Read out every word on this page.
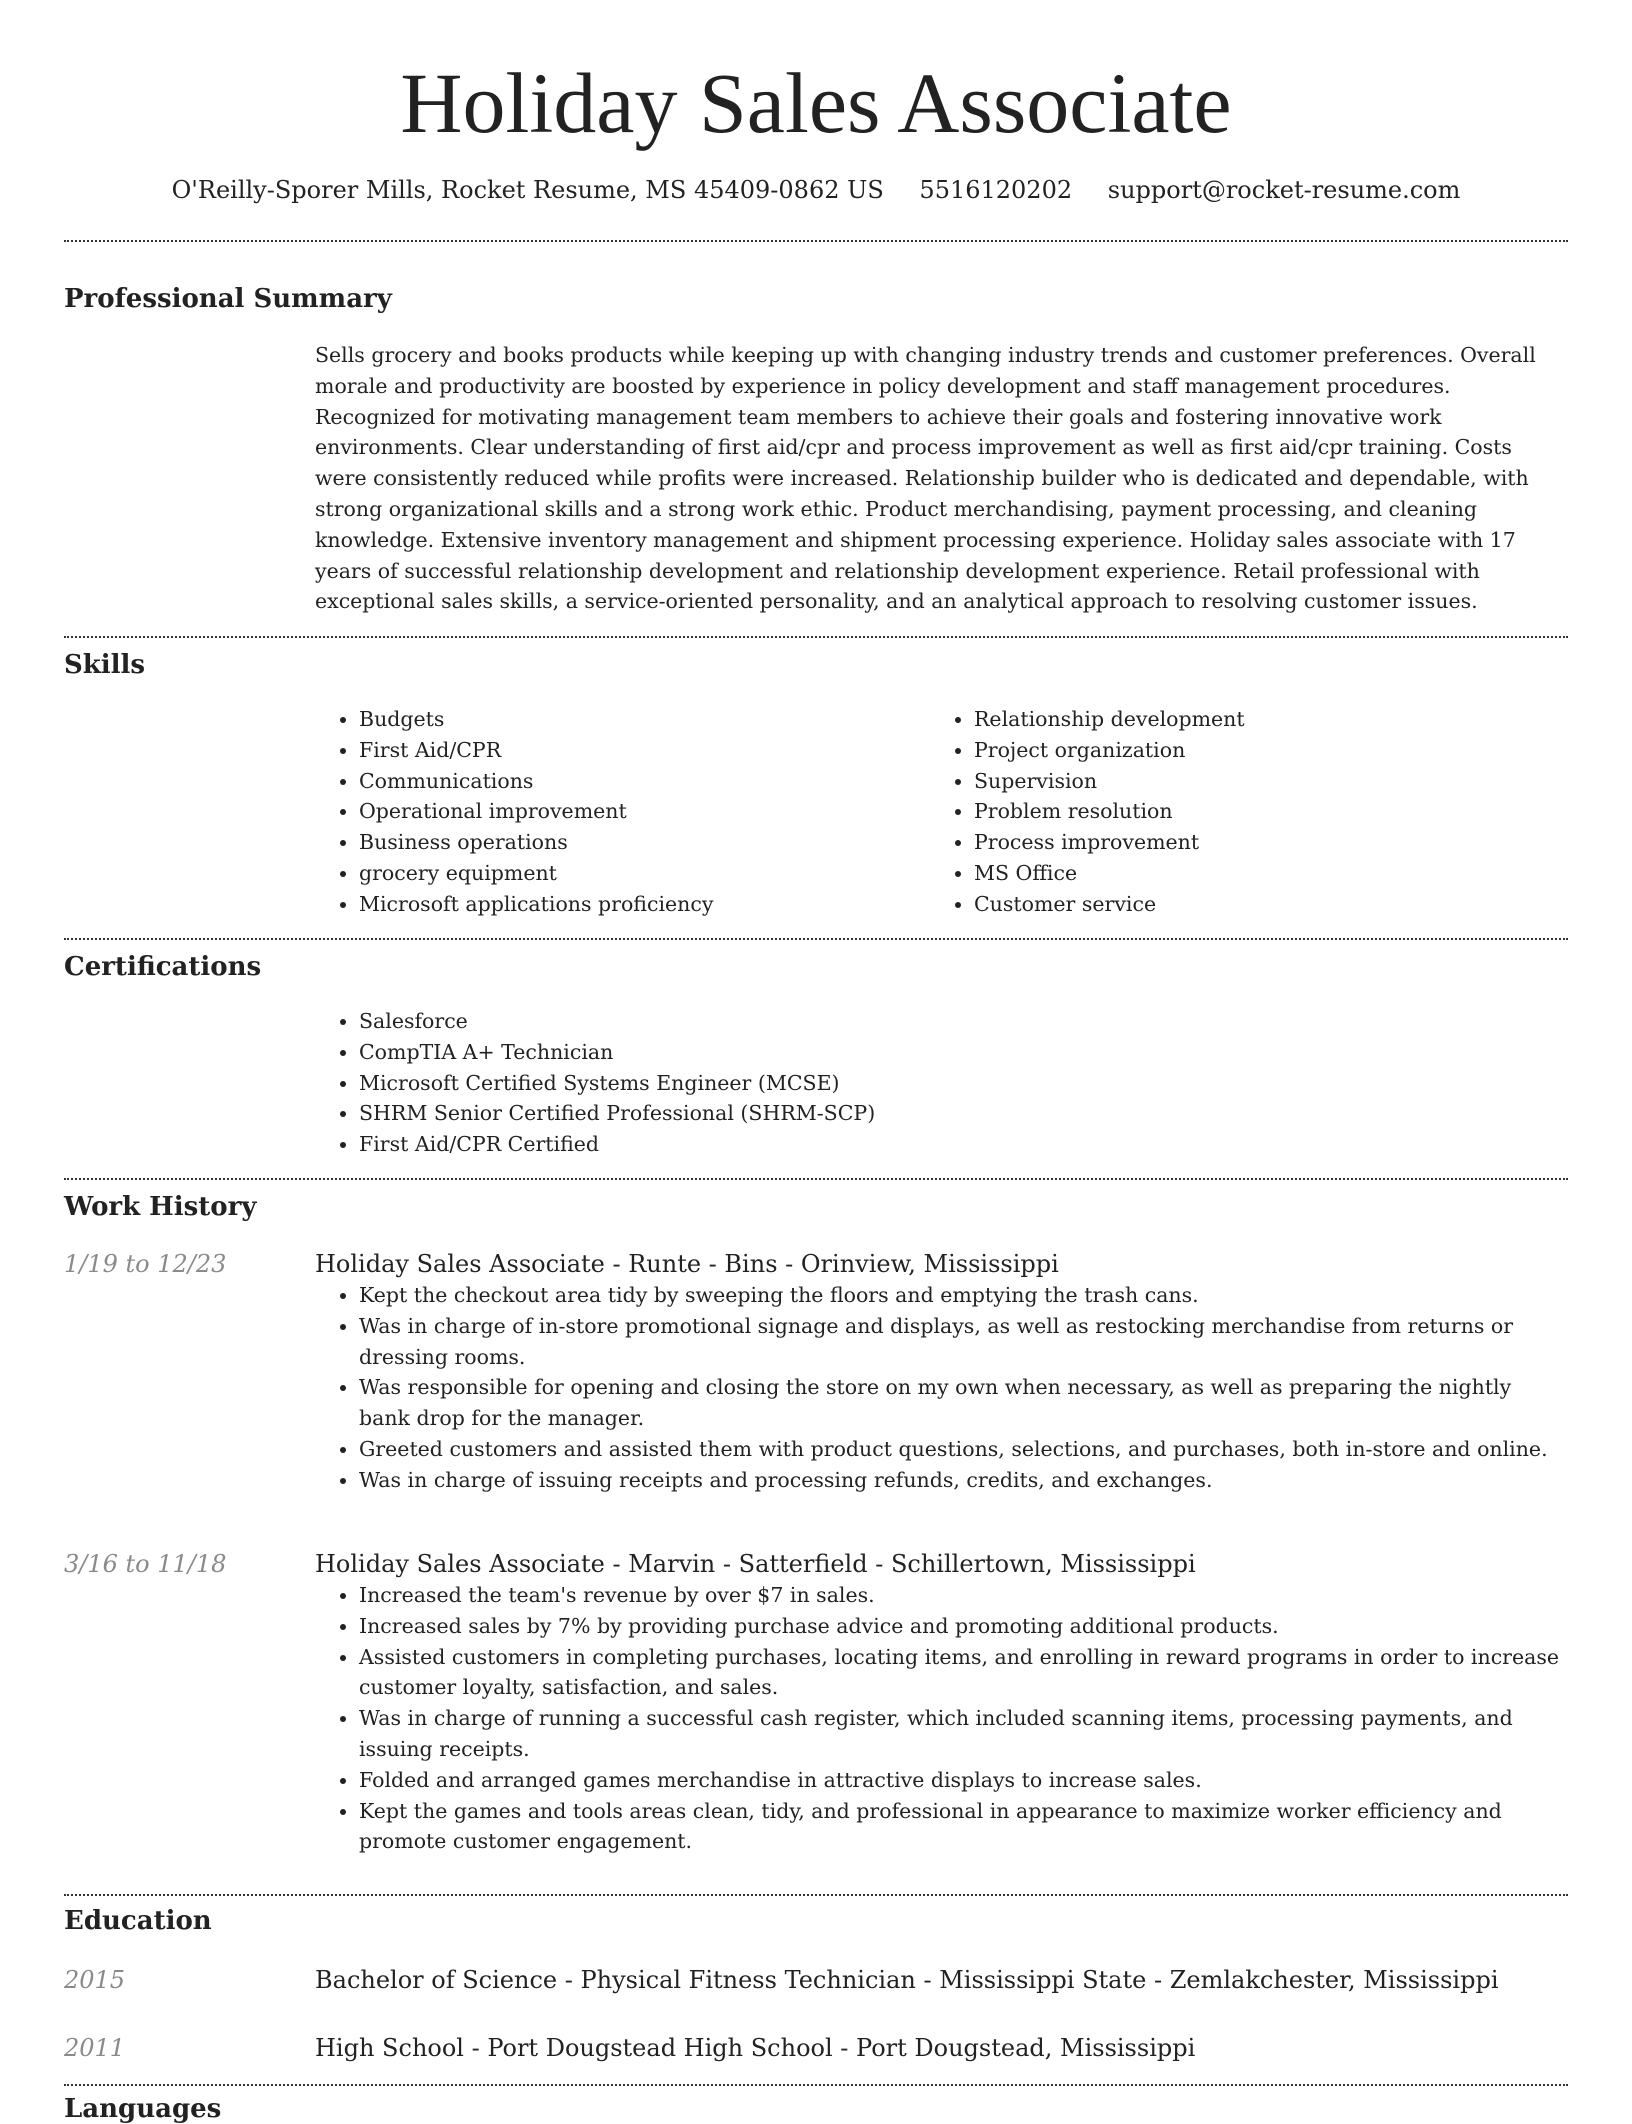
Holiday Sales Associate
O'Reilly-Sporer Mills, Rocket Resume, MS 45409-0862 US 5516120202 support@rocket-resume.com
Professional Summary

Sells grocery and books products while keeping up with changing industry trends and customer preferences. Overall morale and productivity are boosted by experience in policy development and staff management procedures. Recognized for motivating management team members to achieve their goals and fostering innovative work environments. Clear understanding of first aid/cpr and process improvement as well as first aid/cpr training. Costs were consistently reduced while profits were increased. Relationship builder who is dedicated and dependable, with strong organizational skills and a strong work ethic. Product merchandising, payment processing, and cleaning knowledge. Extensive inventory management and shipment processing experience. Holiday sales associate with 17 years of successful relationship development and relationship development experience. Retail professional with exceptional sales skills, a service-oriented personality, and an analytical approach to resolving customer issues.

Skills
• Budgets
• First Aid/CPR
• Communications
• Operational improvement
• Business operations
• grocery equipment
• Microsoft applications proficiency
• Relationship development
• Project organization
• Supervision
• Problem resolution
• Process improvement
• MS Office
• Customer service
Certifications
• Salesforce
• CompTIA A+ Technician
• Microsoft Certified Systems Engineer (MCSE)
• SHRM Senior Certified Professional (SHRM-SCP)
• First Aid/CPR Certified
Work History
1/19 to 12/23	Holiday Sales Associate - Runte - Bins - Orinview, Mississippi
• Kept the checkout area tidy by sweeping the floors and emptying the trash cans.
• Was in charge of in-store promotional signage and displays, as well as restocking merchandise from returns or dressing rooms.
• Was responsible for opening and closing the store on my own when necessary, as well as preparing the nightly bank drop for the manager.
• Greeted customers and assisted them with product questions, selections, and purchases, both in-store and online.
• Was in charge of issuing receipts and processing refunds, credits, and exchanges.
3/16 to 11/18	Holiday Sales Associate - Marvin - Satterfield - Schillertown, Mississippi
• Increased the team's revenue by over $7 in sales.
• Increased sales by 7% by providing purchase advice and promoting additional products.
• Assisted customers in completing purchases, locating items, and enrolling in reward programs in order to increase customer loyalty, satisfaction, and sales.
• Was in charge of running a successful cash register, which included scanning items, processing payments, and issuing receipts.
• Folded and arranged games merchandise in attractive displays to increase sales.
• Kept the games and tools areas clean, tidy, and professional in appearance to maximize worker efficiency and promote customer engagement.
Education
2015	Bachelor of Science - Physical Fitness Technician - Mississippi State - Zemlakchester, Mississippi
2011	High School - Port Dougstead High School - Port Dougstead, Mississippi
Languages
